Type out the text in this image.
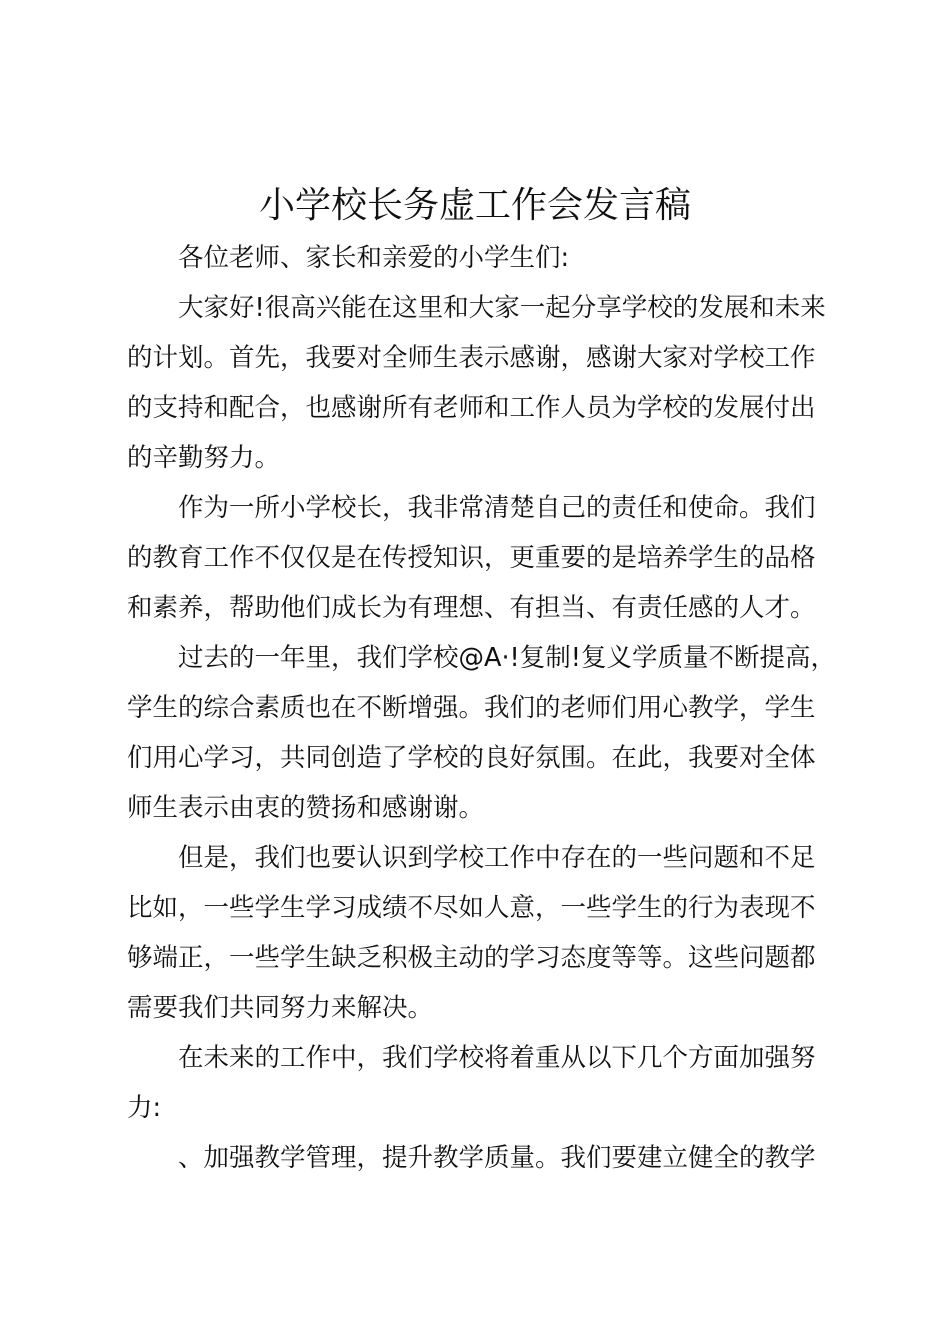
小学校长务虚工作会发言稿
各位老师、家长和亲爱的小学生们:
大家好!很高兴能在这里和大家一起分享学校的发展和未来
的计划。首先，我要对全师生表示感谢，感谢大家对学校工作
的支持和配合，也感谢所有老师和工作人员为学校的发展付出
的辛勤努力。
作为一所小学校长，我非常清楚自己的责任和使命。我们
的教育工作不仅仅是在传授知识，更重要的是培养学生的品格
和素养，帮助他们成长为有理想、有担当、有责任感的人才。
过去的一年里，我们学校@A·!复制!复义学质量不断提高，
学生的综合素质也在不断增强。我们的老师们用心教学，学生
们用心学习，共同创造了学校的良好氛围。在此，我要对全体
师生表示由衷的赞扬和感谢谢。
但是，我们也要认识到学校工作中存在的一些问题和不足
比如，一些学生学习成绩不尽如人意，一些学生的行为表现不
够端正，一些学生缺乏积极主动的学习态度等等。这些问题都
需要我们共同努力来解决。
在未来的工作中，我们学校将着重从以下几个方面加强努
力:
、加强教学管理，提升教学质量。我们要建立健全的教学
